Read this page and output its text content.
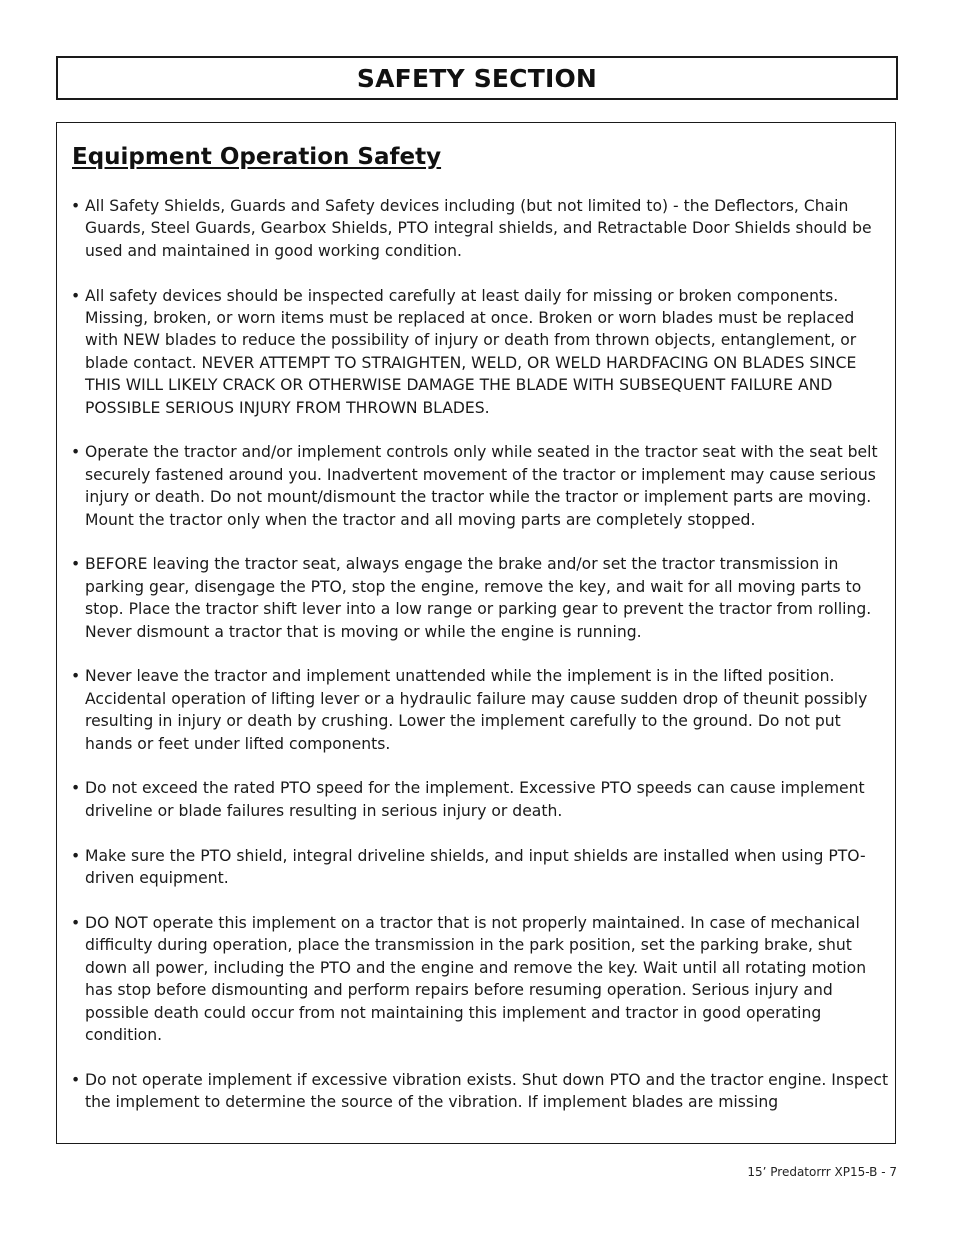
SAFETY SECTION
Equipment Operation Safety
• All Safety Shields, Guards and Safety devices including (but not limited to) - the Deflectors, Chain Guards, Steel Guards, Gearbox Shields, PTO integral shields, and Retractable Door Shields should be used and maintained in good working condition.
• All safety devices should be inspected carefully at least daily for missing or broken components. Missing, broken, or worn items must be replaced at once. Broken or worn blades must be replaced with NEW blades to reduce the possibility of injury or death from thrown objects, entanglement, or blade contact. NEVER ATTEMPT TO STRAIGHTEN, WELD, OR WELD HARDFACING ON BLADES SINCE THIS WILL LIKELY CRACK OR OTHERWISE DAMAGE THE BLADE WITH SUBSEQUENT FAILURE AND POSSIBLE SERIOUS INJURY FROM THROWN BLADES.
• Operate the tractor and/or implement controls only while seated in the tractor seat with the seat belt securely fastened around you. Inadvertent movement of the tractor or implement may cause serious injury or death. Do not mount/dismount the tractor while the tractor or implement parts are moving. Mount the tractor only when the tractor and all moving parts are completely stopped.
• BEFORE leaving the tractor seat, always engage the brake and/or set the tractor transmission in parking gear, disengage the PTO, stop the engine, remove the key, and wait for all moving parts to stop. Place the tractor shift lever into a low range or parking gear to prevent the tractor from rolling. Never dismount a tractor that is moving or while the engine is running.
• Never leave the tractor and implement unattended while the implement is in the lifted position. Accidental operation of lifting lever or a hydraulic failure may cause sudden drop of theunit possibly resulting in injury or death by crushing. Lower the implement carefully to the ground. Do not put hands or feet under lifted components.
• Do not exceed the rated PTO speed for the implement. Excessive PTO speeds can cause implement driveline or blade failures resulting in serious injury or death.
• Make sure the PTO shield, integral driveline shields, and input shields are installed when using PTO-driven equipment.
• DO NOT operate this implement on a tractor that is not properly maintained. In case of mechanical difficulty during operation, place the transmission in the park position, set the parking brake, shut down all power, including the PTO and the engine and remove the key. Wait until all rotating motion has stop before dismounting and perform repairs before resuming operation. Serious injury and possible death could occur from not maintaining this implement and tractor in good operating condition.
• Do not operate implement if excessive vibration exists. Shut down PTO and the tractor engine. Inspect the implement to determine the source of the vibration. If implement blades are missing
15’ Predatorrr XP15-B - 7
